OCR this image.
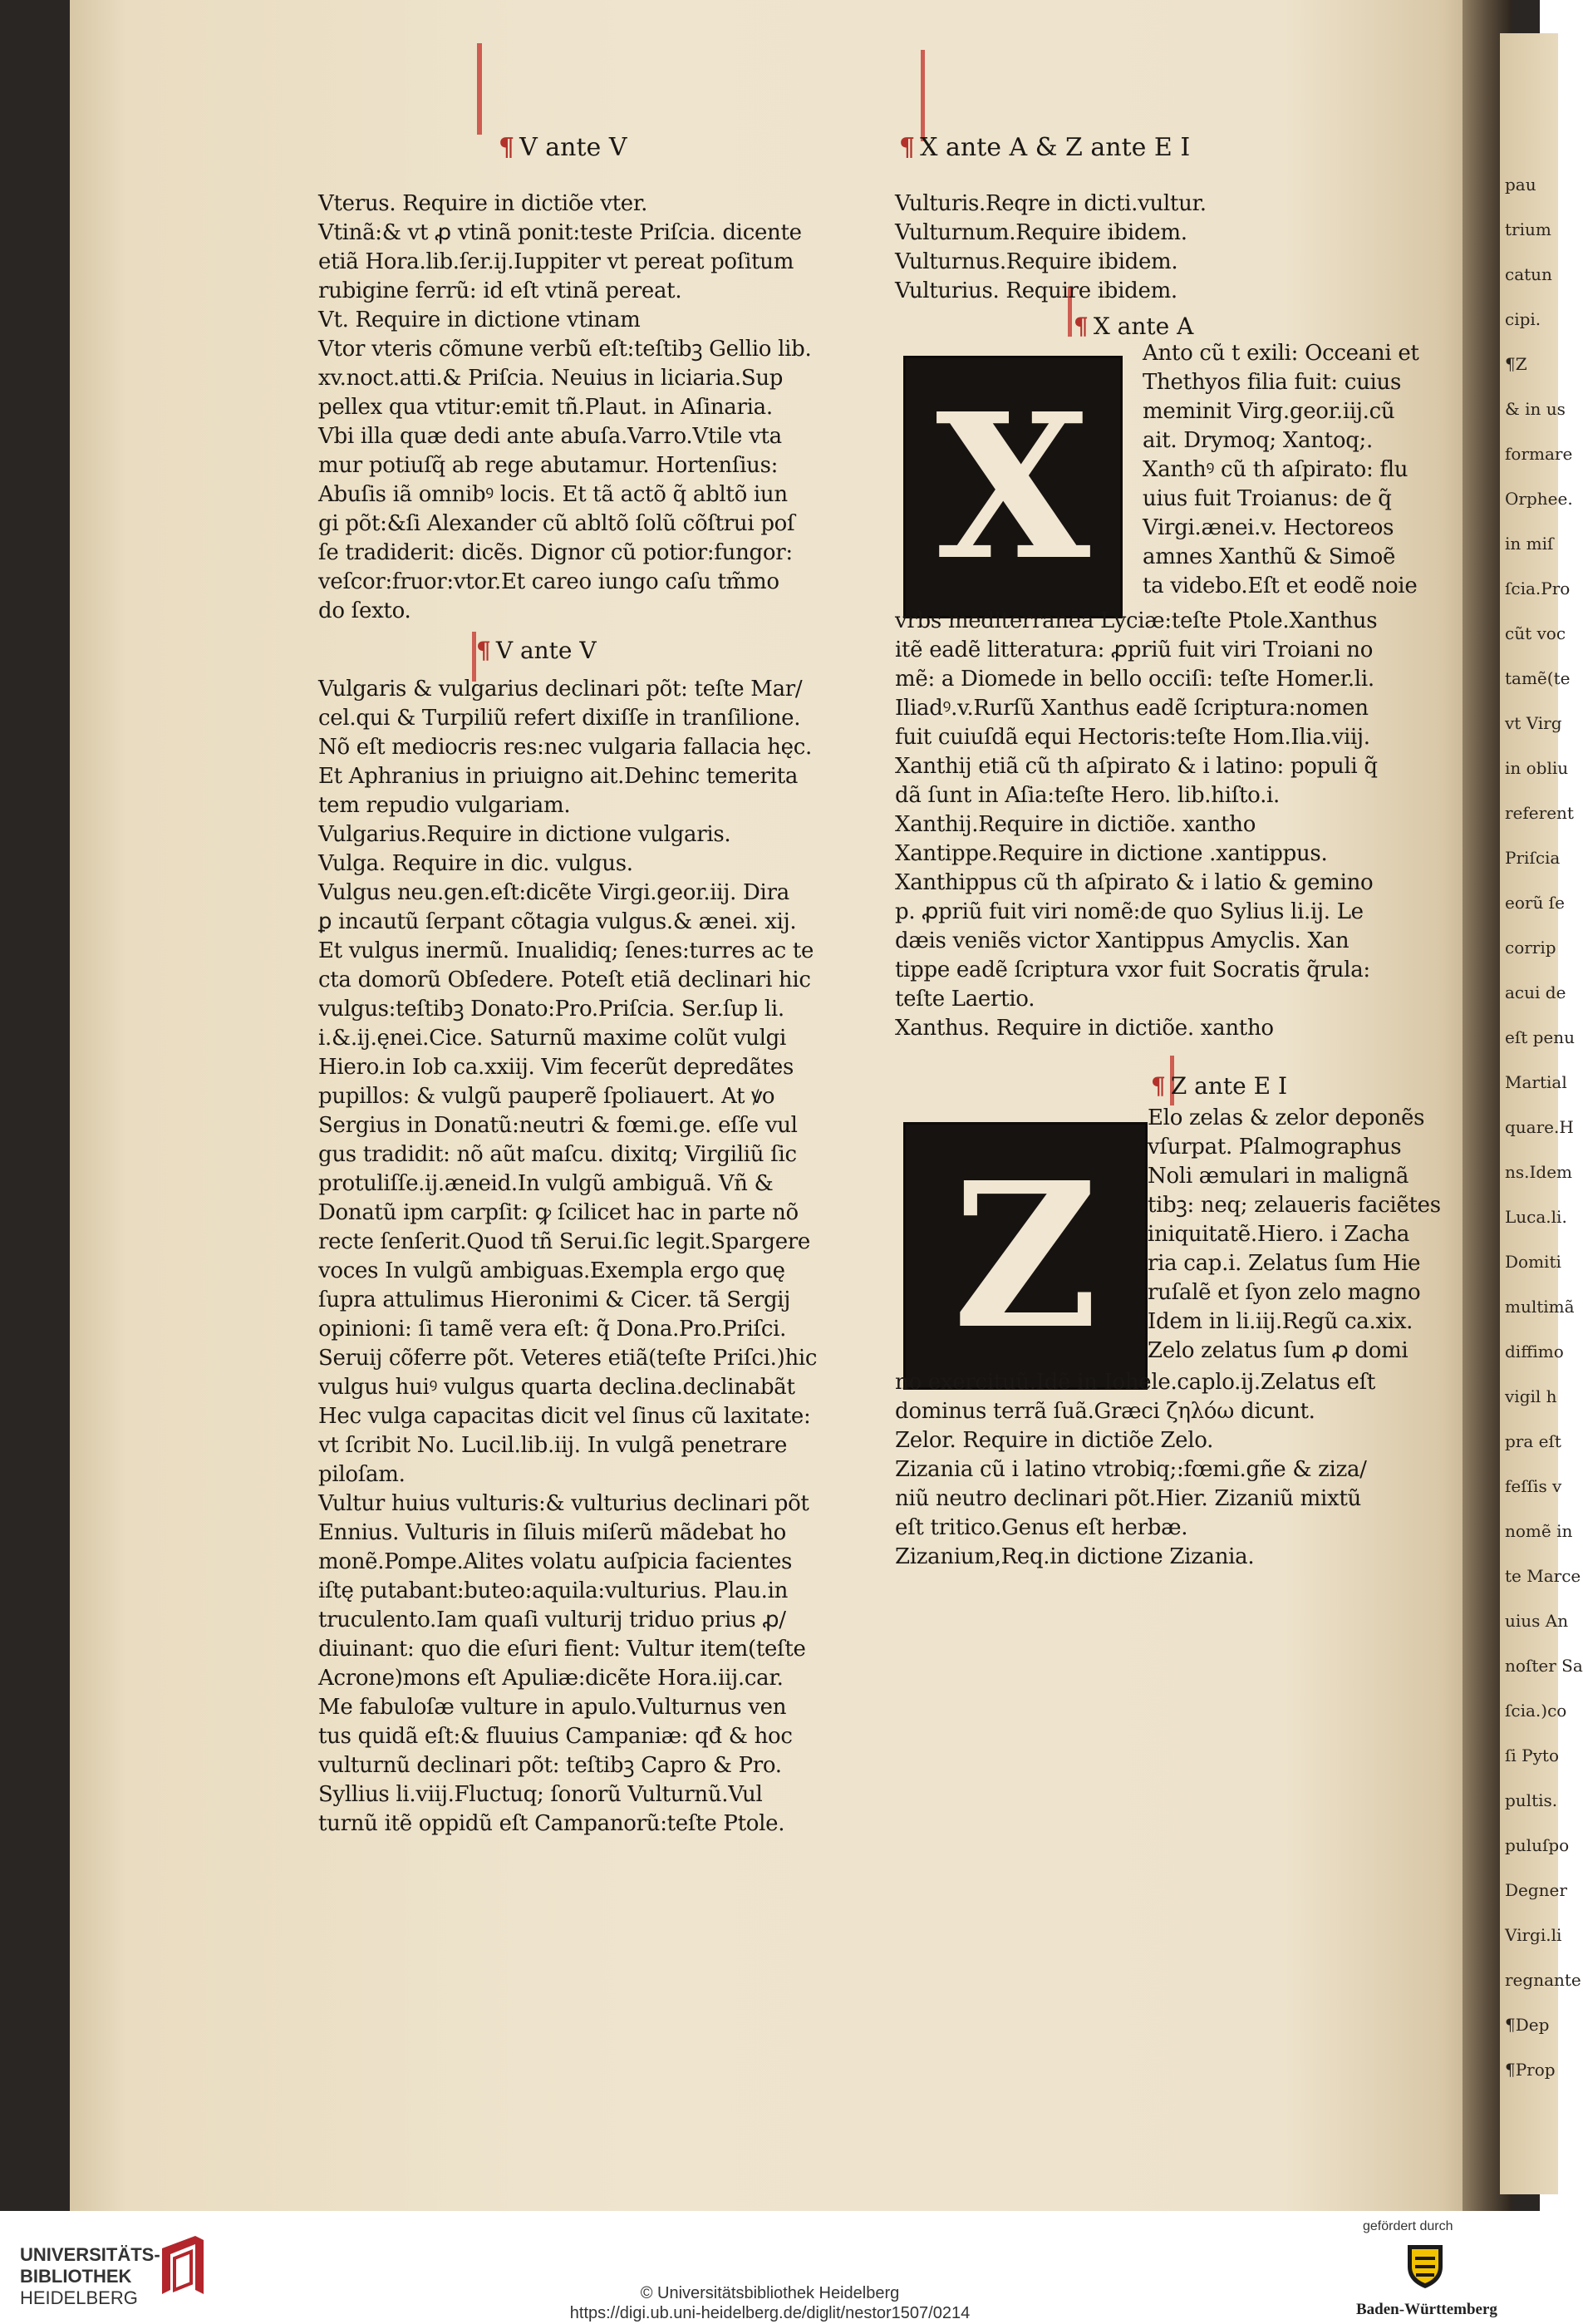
¶ V ante V
Vterus. Require in dictiõe vter.
Vtinã:& vt ꝓ vtinã ponit:teste Priſcia. dicente
etiã Hora.lib.ſer.ij.Iuppiter vt pereat poſitum
rubigine ferrũ: id eſt vtinã pereat.
Vt. Require in dictione vtinam
Vtor vteris cõmune verbũ eſt:teſtibꝫ Gellio lib.
xv.noct.atti.& Priſcia. Neuius in liciaria.Sup
pellex qua vtitur:emit tñ.Plaut. in Aſinaria.
Vbi illa quæ dedi ante abuſa.Varro.Vtile vta
mur potiuſq̃ ab rege abutamur. Hortenſius:
Abuſis iã omnibꝰ locis. Et tã actõ q̃ abltõ iun
gi põt:&ſi Alexander cũ abltõ ſolũ cõſtrui poſ
ſe tradiderit: dicẽs. Dignor cũ potior:fungor:
veſcor:fruor:vtor.Et careo iungo caſu tm̃mo
do ſexto.
¶ V ante V
Vulgaris & vulgarius declinari põt: teſte Mar/
cel.qui & Turpiliũ refert dixiſſe in tranſilione.
Nõ eſt mediocris res:nec vulgaria fallacia hęc.
Et Aphranius in priuigno ait.Dehinc temerita
tem repudio vulgariam.
Vulgarius.Require in dictione vulgaris.
Vulga. Require in dic. vulgus.
Vulgus neu.gen.eſt:dicẽte Virgi.geor.iij. Dira
ꝑ incautũ ſerpant cõtagia vulgus.& ænei. xij.
Et vulgus inermũ. Inualidiq; ſenes:turres ac te
cta domorũ Obſedere. Poteſt etiã declinari hic
vulgus:teſtibꝫ Donato:Pro.Priſcia. Ser.ſup li.
i.&.ij.ęnei.Cice. Saturnũ maxime colũt vulgi
Hiero.in Iob ca.xxiij. Vim fecerũt depredãtes
pupillos: & vulgũ pauperẽ ſpoliauert. At ꝟo
Sergius in Donatũ:neutri & fœmi.ge. eſſe vul
gus tradidit: nõ aũt maſcu. dixitq; Virgiliũ ſic
protuliſſe.ij.æneid.In vulgũ ambiguã. Vñ &
Donatũ ipm carpſit: ꝙ ſcilicet hac in parte nõ
recte ſenſerit.Quod tñ Serui.ſic legit.Spargere
voces In vulgũ ambiguas.Exempla ergo quę
ſupra attulimus Hieronimi & Cicer. tã Sergij
opinioni: ſi tamẽ vera eſt: q̃ Dona.Pro.Priſci.
Seruij cõferre põt. Veteres etiã(teſte Priſci.)hic
vulgus huiꝰ vulgus quarta declina.declinabãt
Hec vulga capacitas dicit vel ſinus cũ laxitate:
vt ſcribit No. Lucil.lib.iij. In vulgã penetrare
piloſam.
Vultur huius vulturis:& vulturius declinari põt
Ennius. Vulturis in ſiluis miſerũ mãdebat ho
monẽ.Pompe.Alites volatu auſpicia facientes
iſtę putabant:buteo:aquila:vulturius. Plau.in
truculento.Iam quaſi vulturij triduo prius ꝓ/
diuinant: quo die eſuri fient: Vultur item(teſte
Acrone)mons eſt Apuliæ:dicẽte Hora.iij.car.
Me fabuloſæ vulture in apulo.Vulturnus ven
tus quidã eſt:& fluuius Campaniæ: qđ & hoc
vulturnũ declinari põt: teſtibꝫ Capro & Pro.
Syllius li.viij.Fluctuq; ſonorũ Vulturnũ.Vul
turnũ itẽ oppidũ eſt Campanorũ:teſte Ptole.
¶ X ante A & Z ante E I
Vulturis.Reqre in dicti.vultur.
Vulturnum.Require ibidem.
Vulturnus.Require ibidem.
Vulturius. Require ibidem.
¶ X ante A
X
Anto cũ t exili: Occeani et
Thethyos filia fuit: cuius
meminit Virg.geor.iij.cũ
ait. Drymoq; Xantoq;.
Xanthꝰ cũ th aſpirato: flu
uius fuit Troianus: de q̃
Virgi.ænei.v. Hectoreos
amnes Xanthũ & Simoẽ
ta videbo.Eſt et eodẽ noie
vrbs mediterranea Lyciæ:teſte Ptole.Xanthus
itẽ eadẽ litteratura: ꝓpriũ fuit viri Troiani no
mẽ: a Diomede in bello occiſi: teſte Homer.li.
Iliadꝰ.v.Rurſũ Xanthus eadẽ ſcriptura:nomen
fuit cuiuſdã equi Hectoris:teſte Hom.Ilia.viij.
Xanthij etiã cũ th aſpirato & i latino: populi q̃
dã ſunt in Aſia:teſte Hero. lib.hiſto.i.
Xanthij.Require in dictiõe. xantho
Xantippe.Require in dictione .xantippus.
Xanthippus cũ th aſpirato & i latio & gemino
p. ꝓpriũ fuit viri nomẽ:de quo Sylius li.ij. Le
dæis veniẽs victor Xantippus Amyclis. Xan
tippe eadẽ ſcriptura vxor fuit Socratis q̃rula:
teſte Laertio.
Xanthus. Require in dictiõe. xantho
¶ Z ante E I
Z
Elo zelas & zelor deponẽs
vſurpat. Pſalmographus
Noli æmulari in malignã
tibꝫ: neq; zelaueris faciẽtes
iniquitatẽ.Hiero. i Zacha
ria cap.i. Zelatus ſum Hie
ruſalẽ et ſyon zelo magno
Idem in li.iij.Regũ ca.xix.
Zelo zelatus ſum ꝓ domi
no exercituũ.Idẽ in Iohele.caplo.ij.Zelatus eſt
dominus terrã ſuã.Græci ζηλόω dicunt.
Zelor. Require in dictiõe Zelo.
Zizania cũ i latino vtrobiq;:fœmi.gñe & ziza/
niũ neutro declinari põt.Hier. Zizaniũ mixtũ
eſt tritico.Genus eſt herbæ.
Zizanium,Req.in dictione Zizania.
pau
trium
catun
cipi.
¶Z
& in us
formare
Orphee.
in miſ
ſcia.Pro
cũt voc
tamẽ(te
vt Virg
in obliu
referent
Priſcia
eorũ ſe
corrip
acui de
eſt penu
Martial
quare.H
ns.Idem
Luca.li.
Domiti
multimã
diffimo
vigil h
pra eſt
feſſis v
nomẽ in
te Marce
uius An
noſter Sa
ſcia.)co
ſi Pyto
pultis.
puluſpo
Degner
Virgi.li
regnante
¶Dep
¶Prop
UNIVERSITÄTS-
BIBLIOTHEK
HEIDELBERG	© Universitätsbibliothek Heidelberg
https://digi.ub.uni-heidelberg.de/diglit/nestor1507/0214
gefördert durch
Baden-Württemberg
